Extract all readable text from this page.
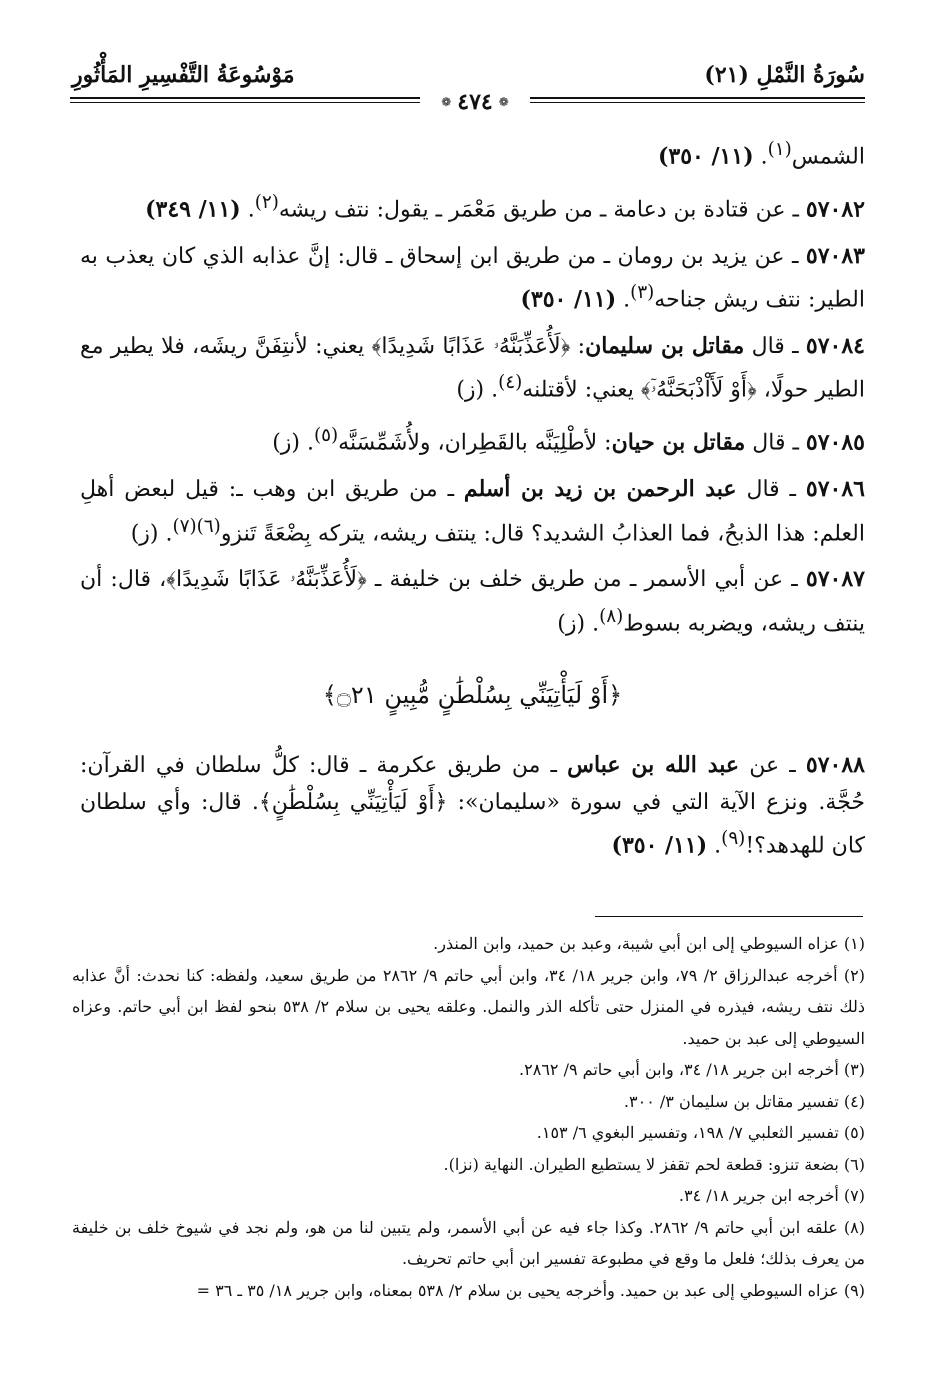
سُورَةُ النَّمْلِ (٢١)
مَوْسُوعَةُ التَّفْسِيرِ المَأْثُورِ
❁ ٤٧٤ ❁

الشمس$^{(١)}$. (١١/ ٣٥٠)

٥٧٠٨٢ ـ عن قتادة بن دعامة ـ من طريق مَعْمَر ـ يقول: نتف ريشه$^{(٢)}$. (١١/ ٣٤٩)

٥٧٠٨٣ ـ عن يزيد بن رومان ـ من طريق ابن إسحاق ـ قال: إنَّ عذابه الذي كان يعذب به الطير: نتف ريش جناحه$^{(٣)}$. (١١/ ٣٥٠)

٥٧٠٨٤ ـ قال مقاتل بن سليمان: ﴿لَأُعَذِّبَنَّهُۥ عَذَابًا شَدِيدًا﴾ يعني: لأنتِفَنَّ ريشَه، فلا يطير مع الطير حولًا، ﴿أَوْ لَأَاْذْبَحَنَّهُۥٓ﴾ يعني: لأقتلنه$^{(٤)}$. (ز)

٥٧٠٨٥ ـ قال مقاتل بن حيان: لأطْلِيَنَّه بالقَطِران، ولأُشَمِّسَنَّه$^{(٥)}$. (ز)

٥٧٠٨٦ ـ قال عبد الرحمن بن زيد بن أسلم ـ من طريق ابن وهب ـ: قيل لبعض أهلِ العلم: هذا الذبحُ، فما العذابُ الشديد؟ قال: ينتف ريشه، يتركه بِضْعَةً تَنزو$^{(٦)(٧)}$. (ز)

٥٧٠٨٧ ـ عن أبي الأسمر ـ من طريق خلف بن خليفة ـ ﴿لَأُعَذِّبَنَّهُۥ عَذَابًا شَدِيدًا﴾، قال: أن ينتف ريشه، ويضربه بسوط$^{(٨)}$. (ز)

﴿أَوْ لَيَأْتِيَنِّي بِسُلْطَٰنٍ مُّبِينٍ ۝٢١﴾

٥٧٠٨٨ ـ عن عبد الله بن عباس ـ من طريق عكرمة ـ قال: كلُّ سلطان في القرآن: حُجَّة. ونزع الآية التي في سورة «سليمان»: ﴿أَوْ لَيَأْتِيَنِّي بِسُلْطَٰنٍ﴾. قال: وأي سلطان كان للهدهد؟!$^{(٩)}$. (١١/ ٣٥٠)

(١) عزاه السيوطي إلى ابن أبي شيبة، وعبد بن حميد، وابن المنذر.

(٢) أخرجه عبدالرزاق ٢/ ٧٩، وابن جرير ١٨/ ٣٤، وابن أبي حاتم ٩/ ٢٨٦٢ من طريق سعيد، ولفظه: كنا نحدث: أنَّ عذابه ذلك نتف ريشه، فيذره في المنزل حتى تأكله الذر والنمل. وعلقه يحيى بن سلام ٢/ ٥٣٨ بنحو لفظ ابن أبي حاتم. وعزاه السيوطي إلى عبد بن حميد.

(٣) أخرجه ابن جرير ١٨/ ٣٤، وابن أبي حاتم ٩/ ٢٨٦٢.

(٤) تفسير مقاتل بن سليمان ٣/ ٣٠٠.

(٥) تفسير الثعلبي ٧/ ١٩٨، وتفسير البغوي ٦/ ١٥٣.

(٦) بضعة تنزو: قطعة لحم تقفز لا يستطيع الطيران. النهاية (نزا).

(٧) أخرجه ابن جرير ١٨/ ٣٤.

(٨) علقه ابن أبي حاتم ٩/ ٢٨٦٢. وكذا جاء فيه عن أبي الأسمر، ولم يتبين لنا من هو، ولم نجد في شيوخ خلف بن خليفة من يعرف بذلك؛ فلعل ما وقع في مطبوعة تفسير ابن أبي حاتم تحريف.

(٩) عزاه السيوطي إلى عبد بن حميد. وأخرجه يحيى بن سلام ٢/ ٥٣٨ بمعناه، وابن جرير ١٨/ ٣٥ ـ ٣٦ =
